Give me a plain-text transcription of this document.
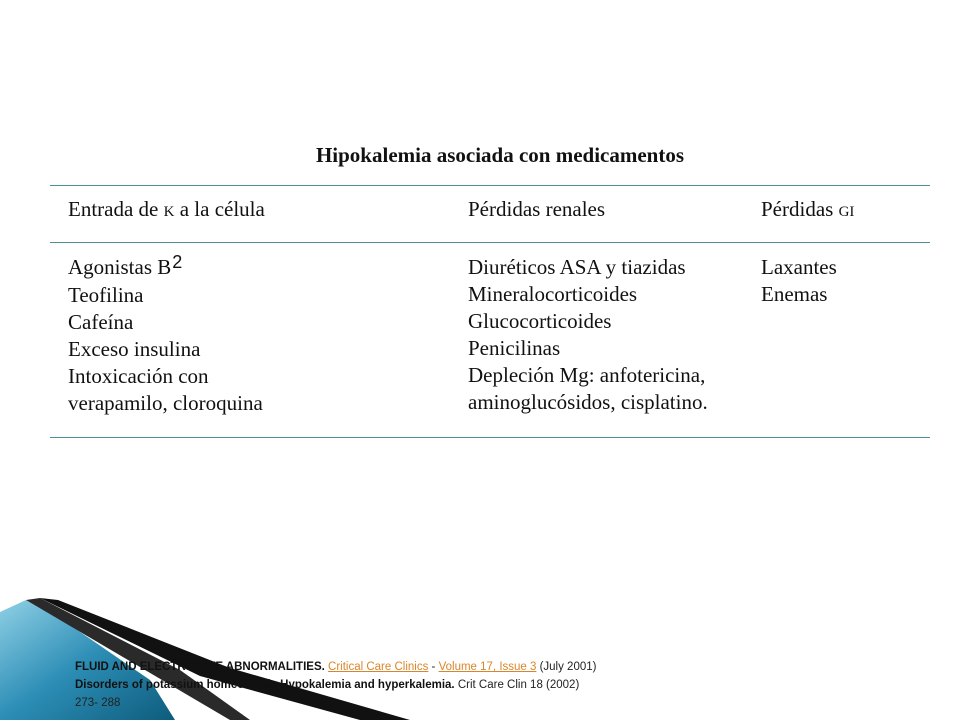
Hipokalemia asociada con medicamentos
Entrada de K a la célula	Pérdidas renales	Pérdidas GI
Agonistas B2
Teofilina
Cafeína
Exceso insulina
Intoxicación con
verapamilo, cloroquina
Diuréticos ASA y tiazidas
Mineralocorticoides
Glucocorticoides
Penicilinas
Depleción Mg: anfotericina,
aminoglucósidos, cisplatino.
Laxantes
Enemas
FLUID AND ELECTROLYTE ABNORMALITIES. Critical Care Clinics - Volume 17, Issue 3 (July 2001)
Disorders of potassium homeostasis Hypokalemia and hyperkalemia. Crit Care Clin 18 (2002)
273- 288
